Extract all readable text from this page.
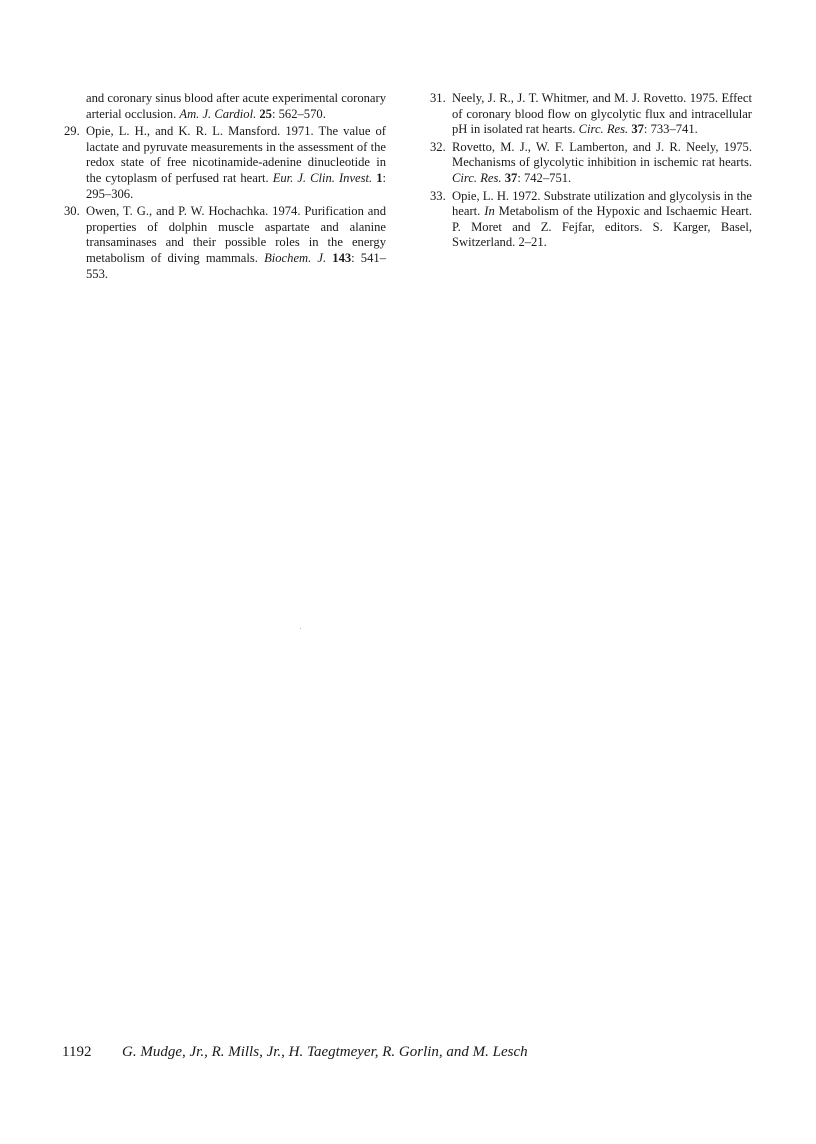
and coronary sinus blood after acute experimental coronary arterial occlusion. Am. J. Cardiol. 25: 562–570.
29. Opie, L. H., and K. R. L. Mansford. 1971. The value of lactate and pyruvate measurements in the assessment of the redox state of free nicotinamide-adenine dinucleotide in the cytoplasm of perfused rat heart. Eur. J. Clin. Invest. 1: 295–306.
30. Owen, T. G., and P. W. Hochachka. 1974. Purification and properties of dolphin muscle aspartate and alanine transaminases and their possible roles in the energy metabolism of diving mammals. Biochem. J. 143: 541–553.
31. Neely, J. R., J. T. Whitmer, and M. J. Rovetto. 1975. Effect of coronary blood flow on glycolytic flux and intracellular pH in isolated rat hearts. Circ. Res. 37: 733–741.
32. Rovetto, M. J., W. F. Lamberton, and J. R. Neely, 1975. Mechanisms of glycolytic inhibition in ischemic rat hearts. Circ. Res. 37: 742–751.
33. Opie, L. H. 1972. Substrate utilization and glycolysis in the heart. In Metabolism of the Hypoxic and Ischaemic Heart. P. Moret and Z. Fejfar, editors. S. Karger, Basel, Switzerland. 2–21.
1192 G. Mudge, Jr., R. Mills, Jr., H. Taegtmeyer, R. Gorlin, and M. Lesch
